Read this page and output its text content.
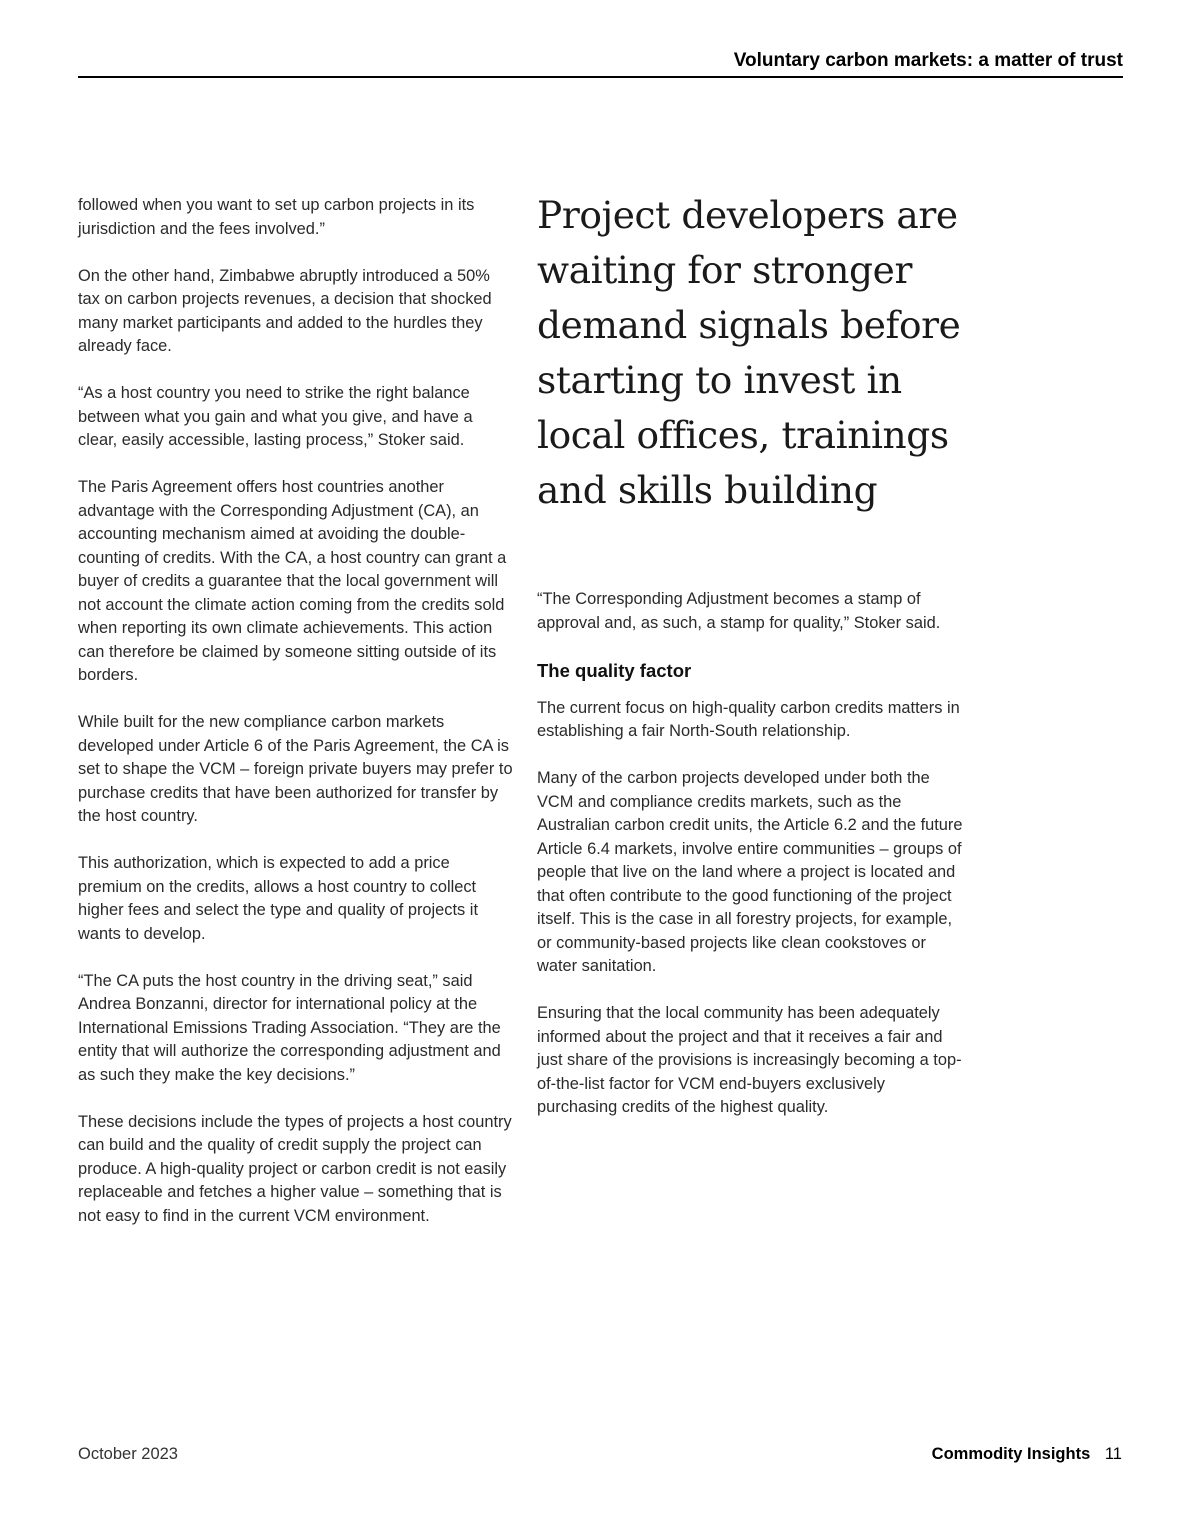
Voluntary carbon markets: a matter of trust

followed when you want to set up carbon projects in its jurisdiction and the fees involved.”

On the other hand, Zimbabwe abruptly introduced a 50% tax on carbon projects revenues, a decision that shocked many market participants and added to the hurdles they already face.

“As a host country you need to strike the right balance between what you gain and what you give, and have a clear, easily accessible, lasting process,” Stoker said.

The Paris Agreement offers host countries another advantage with the Corresponding Adjustment (CA), an accounting mechanism aimed at avoiding the double-counting of credits. With the CA, a host country can grant a buyer of credits a guarantee that the local government will not account the climate action coming from the credits sold when reporting its own climate achievements. This action can therefore be claimed by someone sitting outside of its borders.

While built for the new compliance carbon markets developed under Article 6 of the Paris Agreement, the CA is set to shape the VCM – foreign private buyers may prefer to purchase credits that have been authorized for transfer by the host country.

This authorization, which is expected to add a price premium on the credits, allows a host country to collect higher fees and select the type and quality of projects it wants to develop.

“The CA puts the host country in the driving seat,” said Andrea Bonzanni, director for international policy at the International Emissions Trading Association. “They are the entity that will authorize the corresponding adjustment and as such they make the key decisions.”

These decisions include the types of projects a host country can build and the quality of credit supply the project can produce. A high-quality project or carbon credit is not easily replaceable and fetches a higher value – something that is not easy to find in the current VCM environment.

Project developers are waiting for stronger demand signals before starting to invest in local offices, trainings and skills building

“The Corresponding Adjustment becomes a stamp of approval and, as such, a stamp for quality,” Stoker said.

The quality factor

The current focus on high-quality carbon credits matters in establishing a fair North-South relationship.

Many of the carbon projects developed under both the VCM and compliance credits markets, such as the Australian carbon credit units, the Article 6.2 and the future Article 6.4 markets, involve entire communities – groups of people that live on the land where a project is located and that often contribute to the good functioning of the project itself. This is the case in all forestry projects, for example, or community-based projects like clean cookstoves or water sanitation.

Ensuring that the local community has been adequately informed about the project and that it receives a fair and just share of the provisions is increasingly becoming a top-of-the-list factor for VCM end-buyers exclusively purchasing credits of the highest quality.

October 2023	Commodity Insights 11
